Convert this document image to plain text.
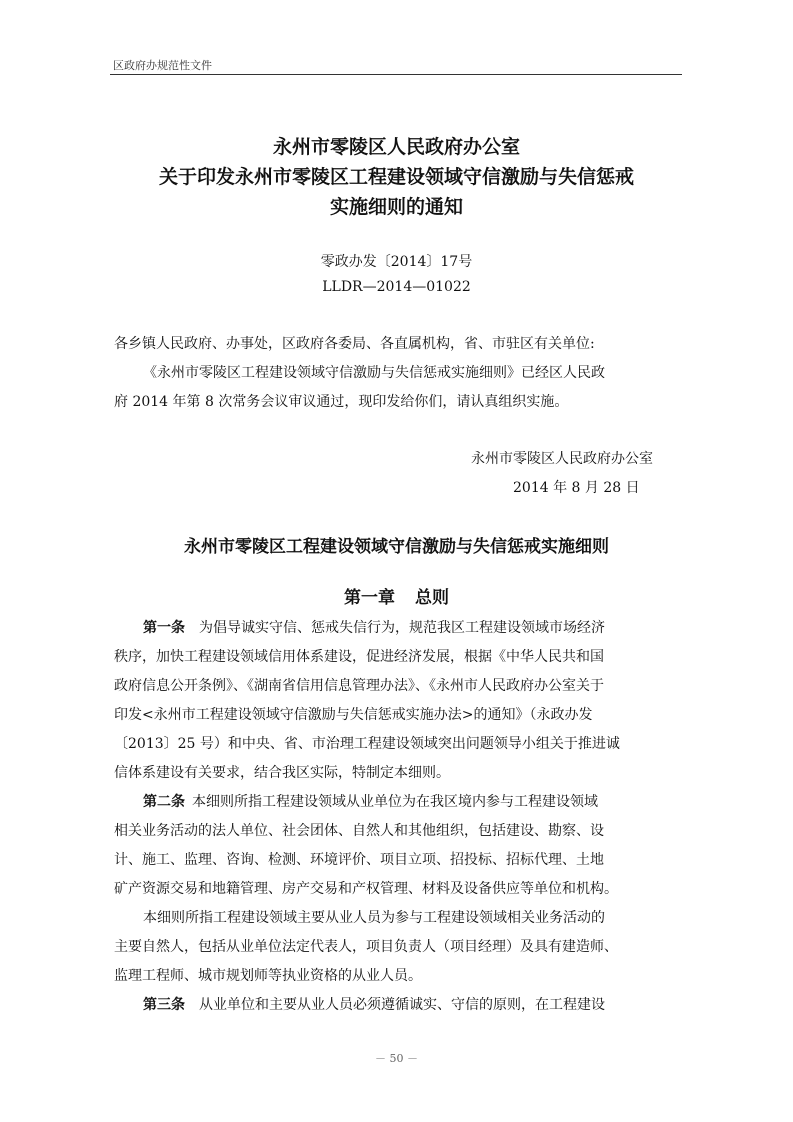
区政府办规范性文件
永州市零陵区人民政府办公室
关于印发永州市零陵区工程建设领域守信激励与失信惩戒
实施细则的通知
零政办发〔2014〕17号
LLDR—2014—01022
各乡镇人民政府、办事处，区政府各委局、各直属机构，省、市驻区有关单位:
《永州市零陵区工程建设领域守信激励与失信惩戒实施细则》已经区人民政
府 2014 年第 8 次常务会议审议通过，现印发给你们，请认真组织实施。
永州市零陵区人民政府办公室
2014 年 8 月 28 日
永州市零陵区工程建设领域守信激励与失信惩戒实施细则
第一章 总则
第一条 为倡导诚实守信、惩戒失信行为，规范我区工程建设领域市场经济
秩序，加快工程建设领域信用体系建设，促进经济发展，根据《中华人民共和国
政府信息公开条例》、《湖南省信用信息管理办法》、《永州市人民政府办公室关于
印发<永州市工程建设领域守信激励与失信惩戒实施办法>的通知》（永政办发
〔2013〕25 号）和中央、省、市治理工程建设领域突出问题领导小组关于推进诚
信体系建设有关要求，结合我区实际，特制定本细则。
第二条 本细则所指工程建设领域从业单位为在我区境内参与工程建设领域
相关业务活动的法人单位、社会团体、自然人和其他组织，包括建设、勘察、设
计、施工、监理、咨询、检测、环境评价、项目立项、招投标、招标代理、土地
矿产资源交易和地籍管理、房产交易和产权管理、材料及设备供应等单位和机构。
本细则所指工程建设领域主要从业人员为参与工程建设领域相关业务活动的
主要自然人，包括从业单位法定代表人，项目负责人（项目经理）及具有建造师、
监理工程师、城市规划师等执业资格的从业人员。
第三条 从业单位和主要从业人员必须遵循诚实、守信的原则，在工程建设
－ 50 －
